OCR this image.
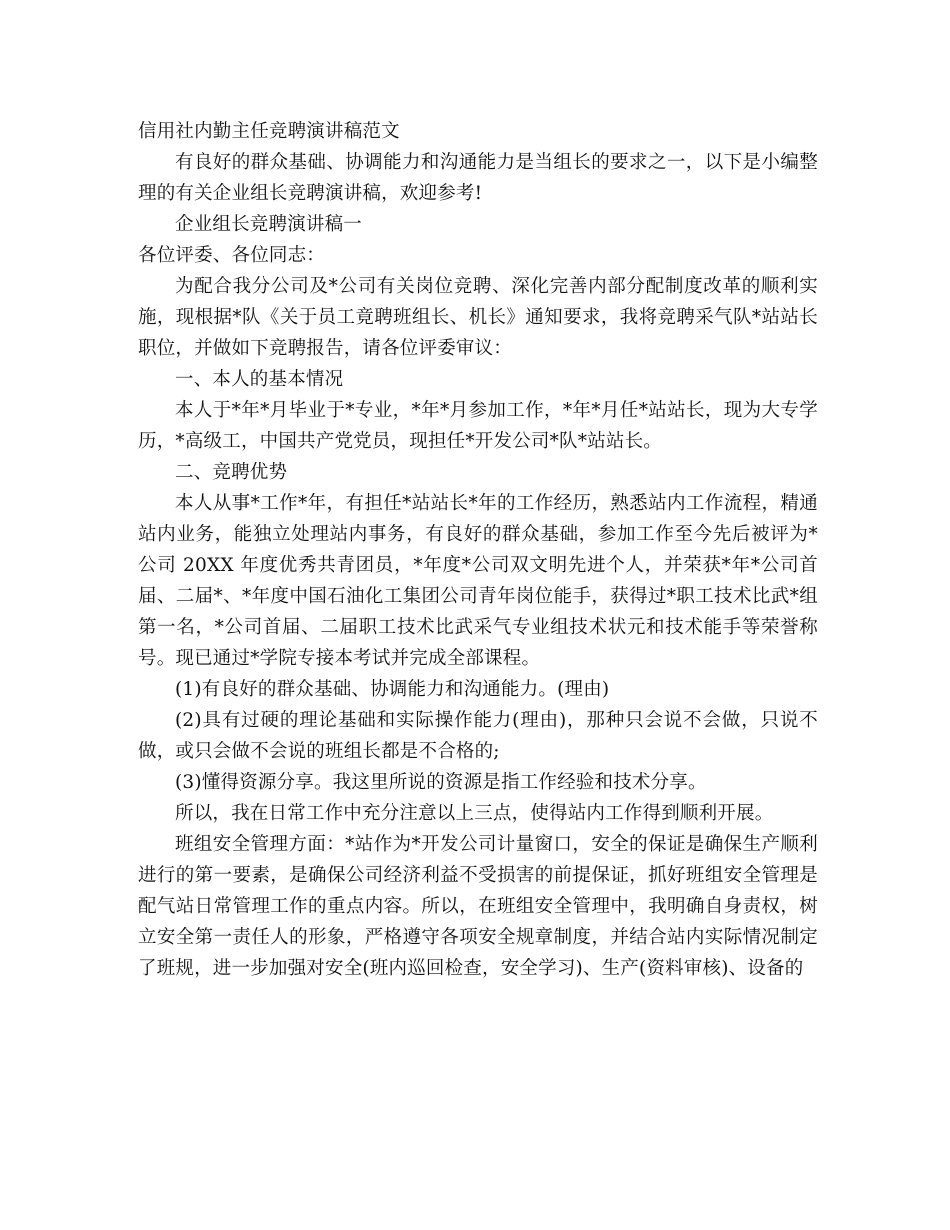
信用社内勤主任竞聘演讲稿范文

有良好的群众基础、协调能力和沟通能力是当组长的要求之一，以下是小编整理的有关企业组长竞聘演讲稿，欢迎参考!

企业组长竞聘演讲稿一

各位评委、各位同志：

为配合我分公司及*公司有关岗位竞聘、深化完善内部分配制度改革的顺利实施，现根据*队《关于员工竟聘班组长、机长》通知要求，我将竞聘采气队*站站长职位，并做如下竞聘报告，请各位评委审议：

一、本人的基本情况

本人于*年*月毕业于*专业，*年*月参加工作，*年*月任*站站长，现为大专学历，*高级工，中国共产党党员，现担任*开发公司*队*站站长。

二、竞聘优势

本人从事*工作*年，有担任*站站长*年的工作经历，熟悉站内工作流程，精通站内业务，能独立处理站内事务，有良好的群众基础，参加工作至今先后被评为*公司 20XX 年度优秀共青团员，*年度*公司双文明先进个人，并荣获*年*公司首届、二届*、*年度中国石油化工集团公司青年岗位能手，获得过*职工技术比武*组第一名，*公司首届、二届职工技术比武采气专业组技术状元和技术能手等荣誉称号。现已通过*学院专接本考试并完成全部课程。

(1)有良好的群众基础、协调能力和沟通能力。(理由)

(2)具有过硬的理论基础和实际操作能力(理由)，那种只会说不会做，只说不做，或只会做不会说的班组长都是不合格的;

(3)懂得资源分享。我这里所说的资源是指工作经验和技术分享。

所以，我在日常工作中充分注意以上三点，使得站内工作得到顺利开展。

班组安全管理方面：*站作为*开发公司计量窗口，安全的保证是确保生产顺利进行的第一要素，是确保公司经济利益不受损害的前提保证，抓好班组安全管理是配气站日常管理工作的重点内容。所以，在班组安全管理中，我明确自身责权，树立安全第一责任人的形象，严格遵守各项安全规章制度，并结合站内实际情况制定了班规，进一步加强对安全(班内巡回检查，安全学习)、生产(资料审核)、设备的
